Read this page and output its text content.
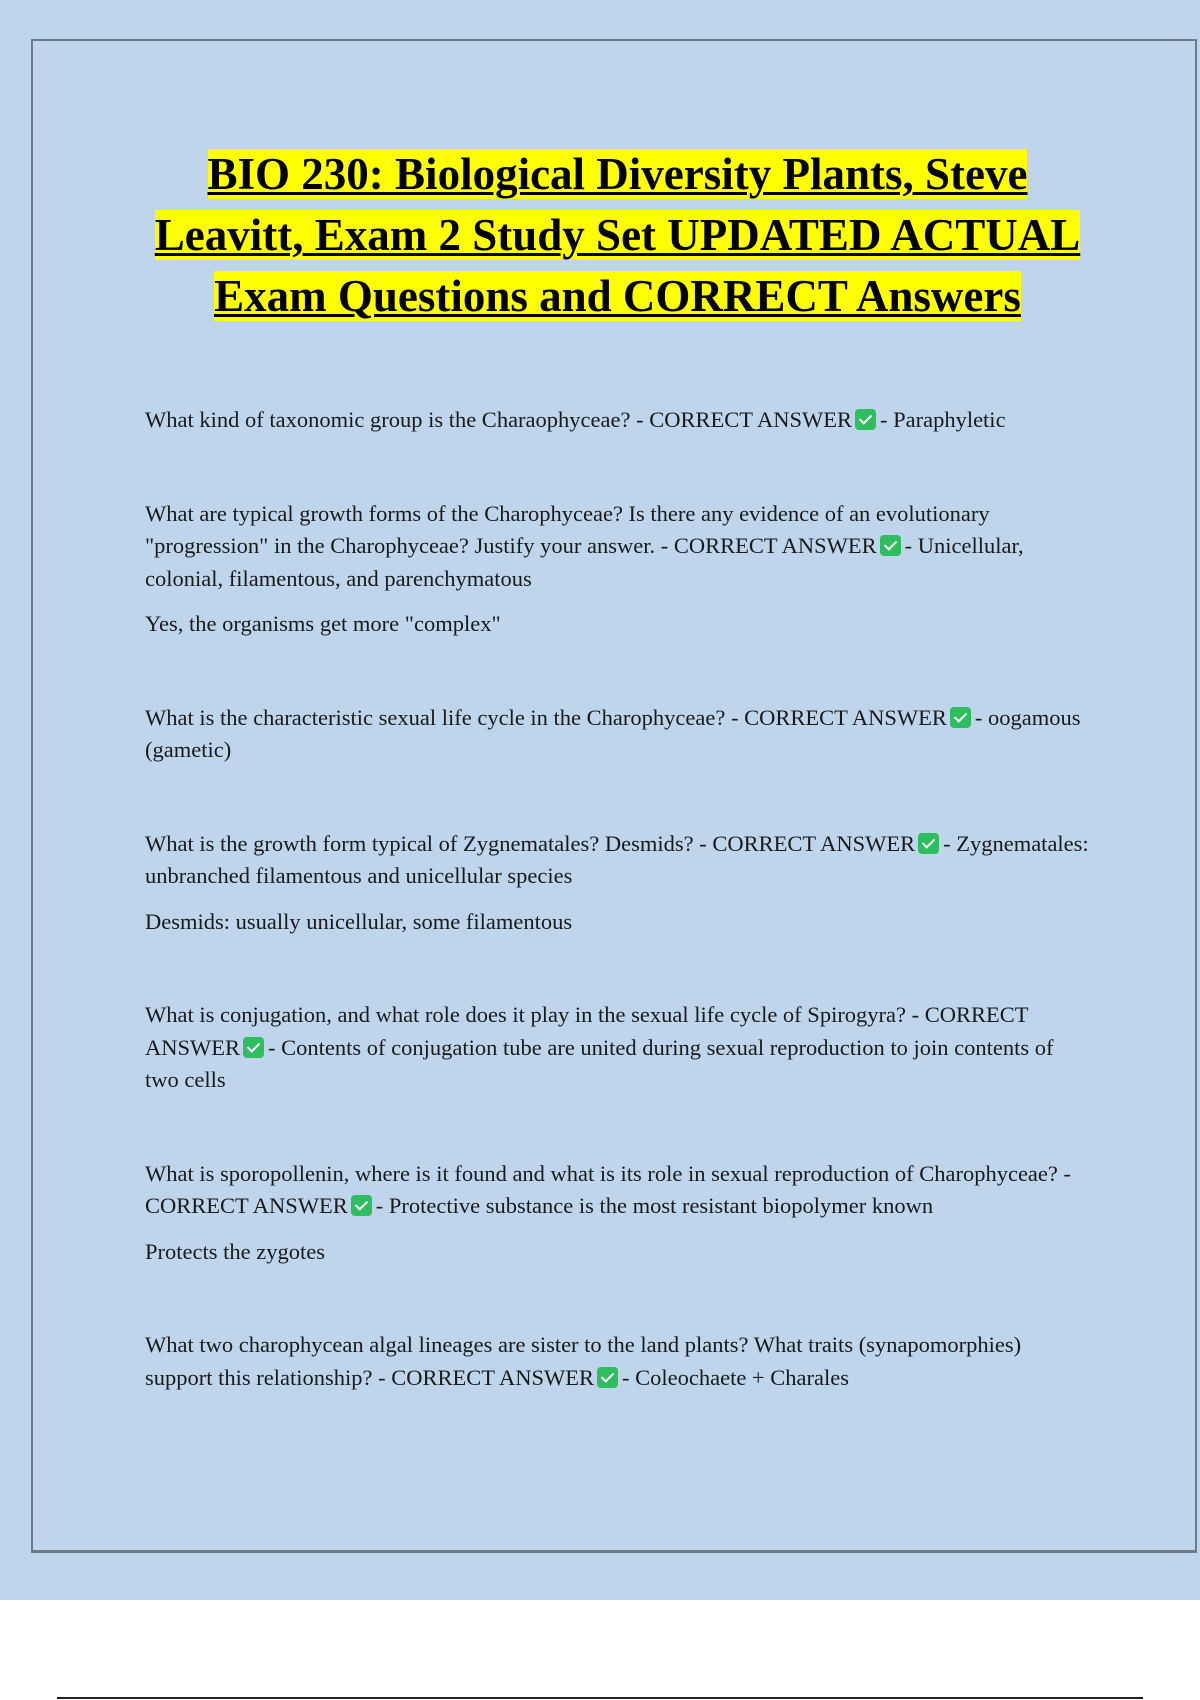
BIO 230: Biological Diversity Plants, Steve Leavitt, Exam 2 Study Set UPDATED ACTUAL Exam Questions and CORRECT Answers

What kind of taxonomic group is the Charaophyceae? - CORRECT ANSWER - Paraphyletic

What are typical growth forms of the Charophyceae? Is there any evidence of an evolutionary "progression" in the Charophyceae? Justify your answer. - CORRECT ANSWER - Unicellular, colonial, filamentous, and parenchymatous

Yes, the organisms get more "complex"

What is the characteristic sexual life cycle in the Charophyceae? - CORRECT ANSWER - oogamous (gametic)

What is the growth form typical of Zygnematales? Desmids? - CORRECT ANSWER - Zygnematales: unbranched filamentous and unicellular species

Desmids: usually unicellular, some filamentous

What is conjugation, and what role does it play in the sexual life cycle of Spirogyra? - CORRECT ANSWER - Contents of conjugation tube are united during sexual reproduction to join contents of two cells

What is sporopollenin, where is it found and what is its role in sexual reproduction of Charophyceae? - CORRECT ANSWER - Protective substance is the most resistant biopolymer known

Protects the zygotes

What two charophycean algal lineages are sister to the land plants? What traits (synapomorphies) support this relationship? - CORRECT ANSWER - Coleochaete + Charales
